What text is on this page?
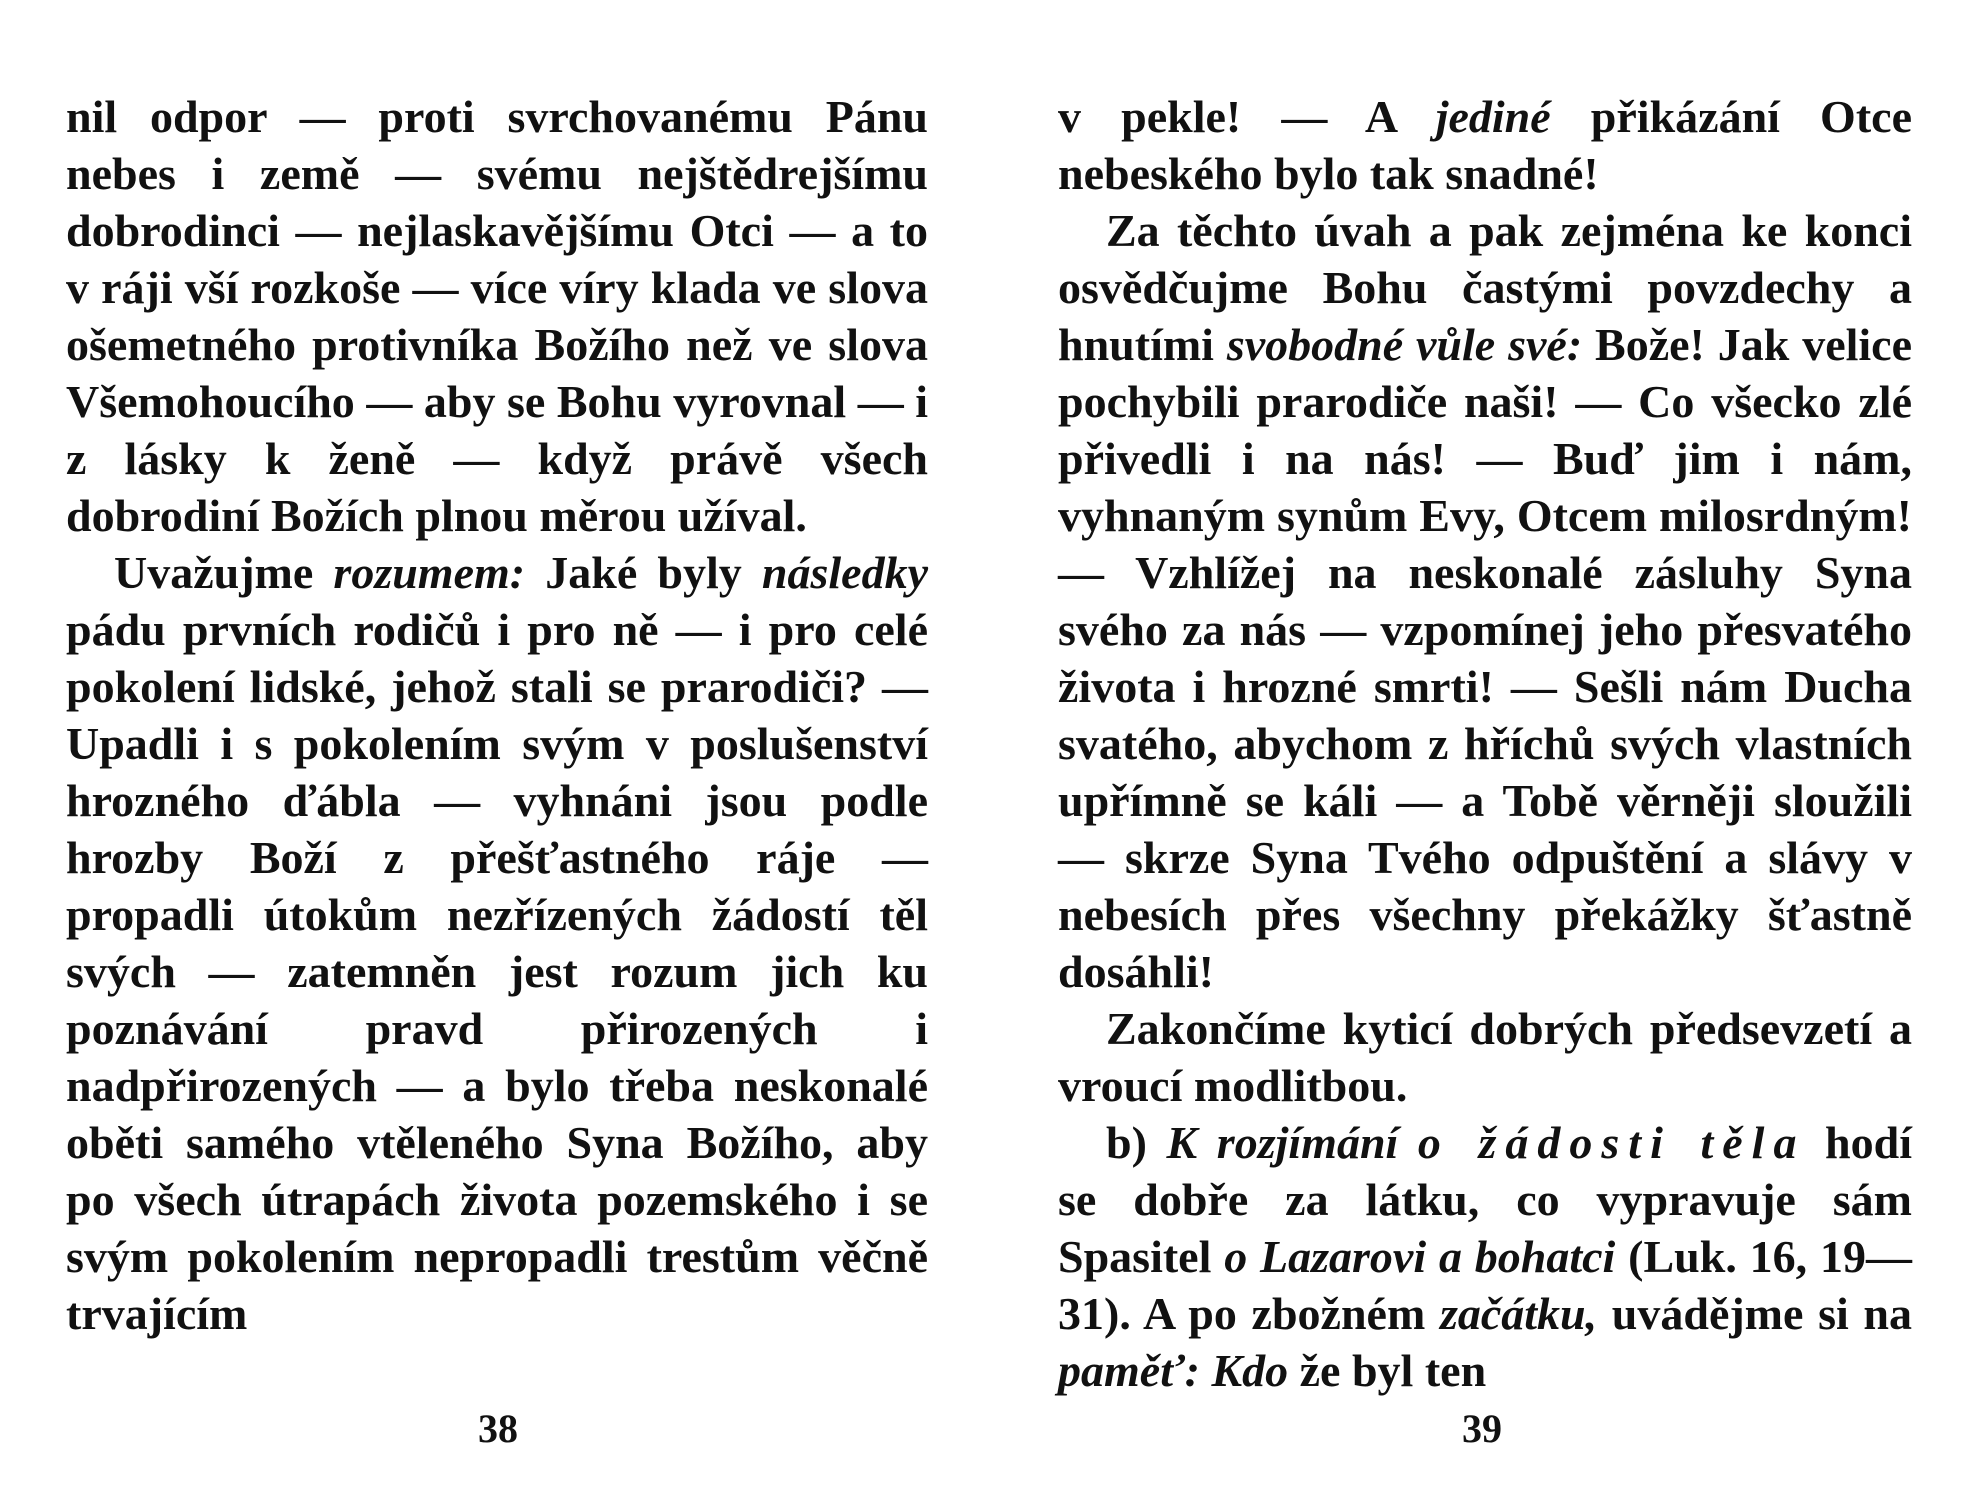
nil odpor — proti svrchovanému Pánu nebes i země — svému nejštědrejšímu dobrodinci — nejlaskavějšímu Otci — a to v ráji vší rozkoše — více víry klada ve slova ošemetného protivníka Božího než ve slova Všemohoucího — aby se Bohu vyrovnal — i z lásky k ženě — když právě všech dobrodiní Božích plnou měrou užíval.

Uvažujme rozumem: Jaké byly následky pádu prvních rodičů i pro ně — i pro celé pokolení lidské, jehož stali se prarodiči? — Upadli i s pokolením svým v poslušenství hrozného ďábla — vyhnáni jsou podle hrozby Boží z přešťastného ráje — propadli útokům nezřízených žádostí těl svých — zatemněn jest rozum jich ku poznávání pravd přirozených i nadpřirozených — a bylo třeba neskonalé oběti samého vtěleného Syna Božího, aby po všech útrapách života pozemského i se svým pokolením nepropadli trestům věčně trvajícím

38

v pekle! — A jediné přikázání Otce nebeského bylo tak snadné!

Za těchto úvah a pak zejména ke konci osvědčujme Bohu častými povzdechy a hnutími svobodné vůle své: Bože! Jak velice pochybili prarodiče naši! — Co všecko zlé přivedli i na nás! — Buď jim i nám, vyhnaným synům Evy, Otcem milosrdným! — Vzhlížej na neskonalé zásluhy Syna svého za nás — vzpomínej jeho přesvatého života i hrozné smrti! — Sešli nám Ducha svatého, abychom z hříchů svých vlastních upřímně se káli — a Tobě věrněji sloužili — skrze Syna Tvého odpuštění a slávy v nebesích přes všechny překážky šťastně dosáhli!

Zakončíme kyticí dobrých předsevzetí a vroucí modlitbou.

b) K rozjímání o žádosti těla hodí se dobře za látku, co vypravuje sám Spasitel o Lazarovi a bohatci (Luk. 16, 19—31). A po zbožném začátku, uvádějme si na paměť: Kdo že byl ten

39
